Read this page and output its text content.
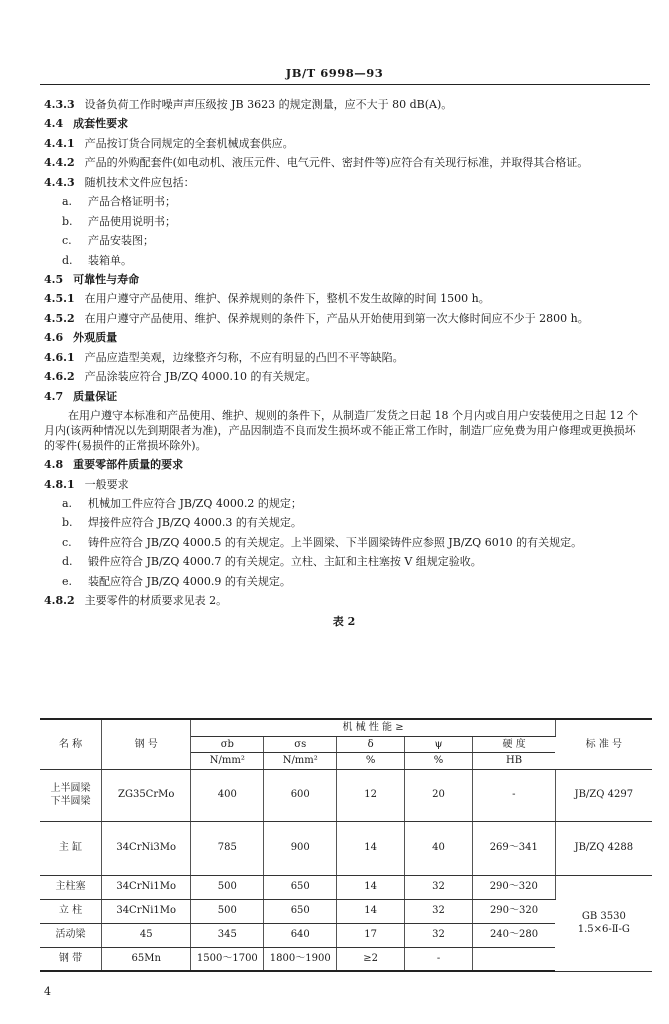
JB/T 6998—93
4.3.3 设备负荷工作时噪声声压级按 JB 3623 的规定测量，应不大于 80 dB(A)。
4.4 成套性要求
4.4.1 产品按订货合同规定的全套机械成套供应。
4.4.2 产品的外购配套件(如电动机、液压元件、电气元件、密封件等)应符合有关现行标准，并取得其合格证。
4.4.3 随机技术文件应包括：
a. 产品合格证明书；
b. 产品使用说明书；
c. 产品安装图；
d. 装箱单。
4.5 可靠性与寿命
4.5.1 在用户遵守产品使用、维护、保养规则的条件下，整机不发生故障的时间 1500 h。
4.5.2 在用户遵守产品使用、维护、保养规则的条件下，产品从开始使用到第一次大修时间应不少于 2800 h。
4.6 外观质量
4.6.1 产品应造型美观，边缘整齐匀称，不应有明显的凸凹不平等缺陷。
4.6.2 产品涂装应符合 JB/ZQ 4000.10 的有关规定。
4.7 质量保证
在用户遵守本标准和产品使用、维护、规则的条件下，从制造厂发货之日起 18 个月内或自用户安装使用之日起 12 个月内(该两种情况以先到期限者为准)，产品因制造不良而发生损坏或不能正常工作时，制造厂应免费为用户修理或更换损坏的零件(易损件的正常损坏除外)。
4.8 重要零部件质量的要求
4.8.1 一般要求
a. 机械加工件应符合 JB/ZQ 4000.2 的规定；
b. 焊接件应符合 JB/ZQ 4000.3 的有关规定。
c. 铸件应符合 JB/ZQ 4000.5 的有关规定。上半圆梁、下半圆梁铸件应参照 JB/ZQ 6010 的有关规定。
d. 锻件应符合 JB/ZQ 4000.7 的有关规定。立柱、主缸和主柱塞按 V 组规定验收。
e. 装配应符合 JB/ZQ 4000.9 的有关规定。
4.8.2 主要零件的材质要求见表 2。
表 2
名 称	钢 号	机 械 性 能 ≥					标 准 号
		σb	σs	δ	ψ	硬 度	
		N/mm²	N/mm²	%	%	HB	

上半圆梁
下半圆梁	ZG35CrMo	400	600	12	20	-	JB/ZQ 4297
主 缸	34CrNi3Mo	785	900	14	40	269～341	JB/ZQ 4288
主柱塞	34CrNi1Mo	500	650	14	32	290～320	GB 3530
1.5×6-Ⅱ-G

立 柱	34CrNi1Mo	500	650	14	32	290～320	
活动梁	45	345	640	17	32	240～280	
钢 带	65Mn	1500～1700	1800～1900	≥2	-		
4
